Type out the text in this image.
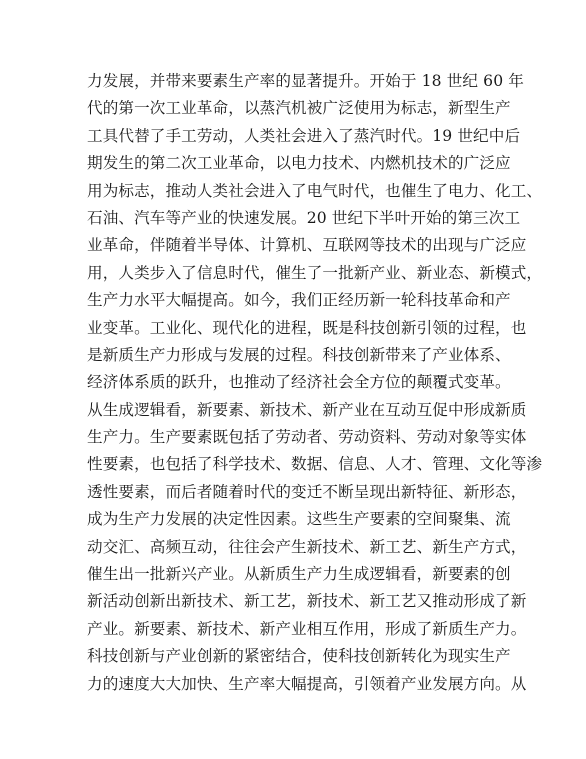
力发展，并带来要素生产率的显著提升。开始于 18 世纪 60 年
代的第一次工业革命，以蒸汽机被广泛使用为标志，新型生产
工具代替了手工劳动，人类社会进入了蒸汽时代。19 世纪中后
期发生的第二次工业革命，以电力技术、内燃机技术的广泛应
用为标志，推动人类社会进入了电气时代，也催生了电力、化工、
石油、汽车等产业的快速发展。20 世纪下半叶开始的第三次工
业革命，伴随着半导体、计算机、互联网等技术的出现与广泛应
用，人类步入了信息时代，催生了一批新产业、新业态、新模式，
生产力水平大幅提高。如今，我们正经历新一轮科技革命和产
业变革。工业化、现代化的进程，既是科技创新引领的过程，也
是新质生产力形成与发展的过程。科技创新带来了产业体系、
经济体系质的跃升，也推动了经济社会全方位的颠覆式变革。
从生成逻辑看，新要素、新技术、新产业在互动互促中形成新质
生产力。生产要素既包括了劳动者、劳动资料、劳动对象等实体
性要素，也包括了科学技术、数据、信息、人才、管理、文化等渗
透性要素，而后者随着时代的变迁不断呈现出新特征、新形态，
成为生产力发展的决定性因素。这些生产要素的空间聚集、流
动交汇、高频互动，往往会产生新技术、新工艺、新生产方式，
催生出一批新兴产业。从新质生产力生成逻辑看，新要素的创
新活动创新出新技术、新工艺，新技术、新工艺又推动形成了新
产业。新要素、新技术、新产业相互作用，形成了新质生产力。
科技创新与产业创新的紧密结合，使科技创新转化为现实生产
力的速度大大加快、生产率大幅提高，引领着产业发展方向。从
